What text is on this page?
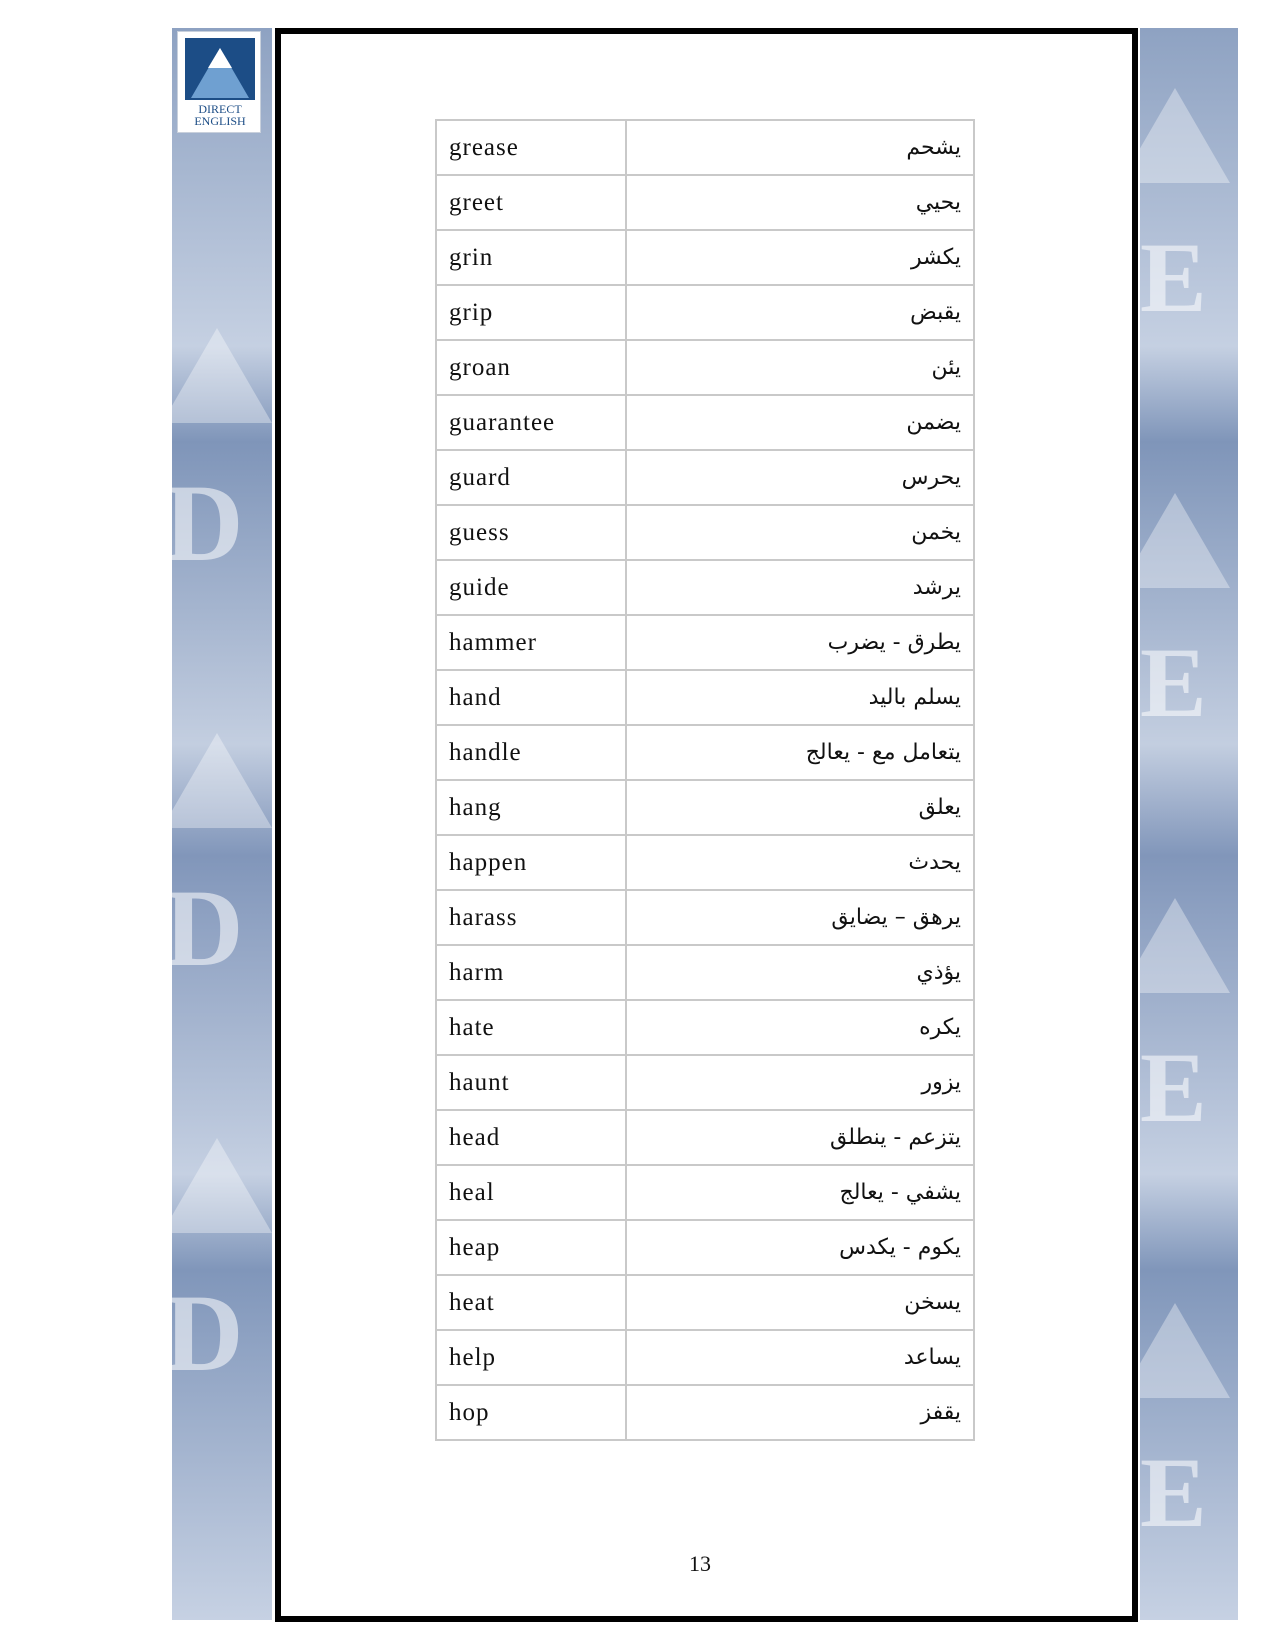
D
D
D
E
E
E
E
DIRECT
ENGLISH
grease	يشحم
greet	يحيي
grin	يكشر
grip	يقبض
groan	يئن
guarantee	يضمن
guard	يحرس
guess	يخمن
guide	يرشد
hammer	يطرق - يضرب
hand	يسلم باليد
handle	يتعامل مع - يعالج
hang	يعلق
happen	يحدث
harass	يرهق – يضايق
harm	يؤذي
hate	يكره
haunt	يزور
head	يتزعم - ينطلق
heal	يشفي - يعالج
heap	يكوم - يكدس
heat	يسخن
help	يساعد
hop	يقفز
13
